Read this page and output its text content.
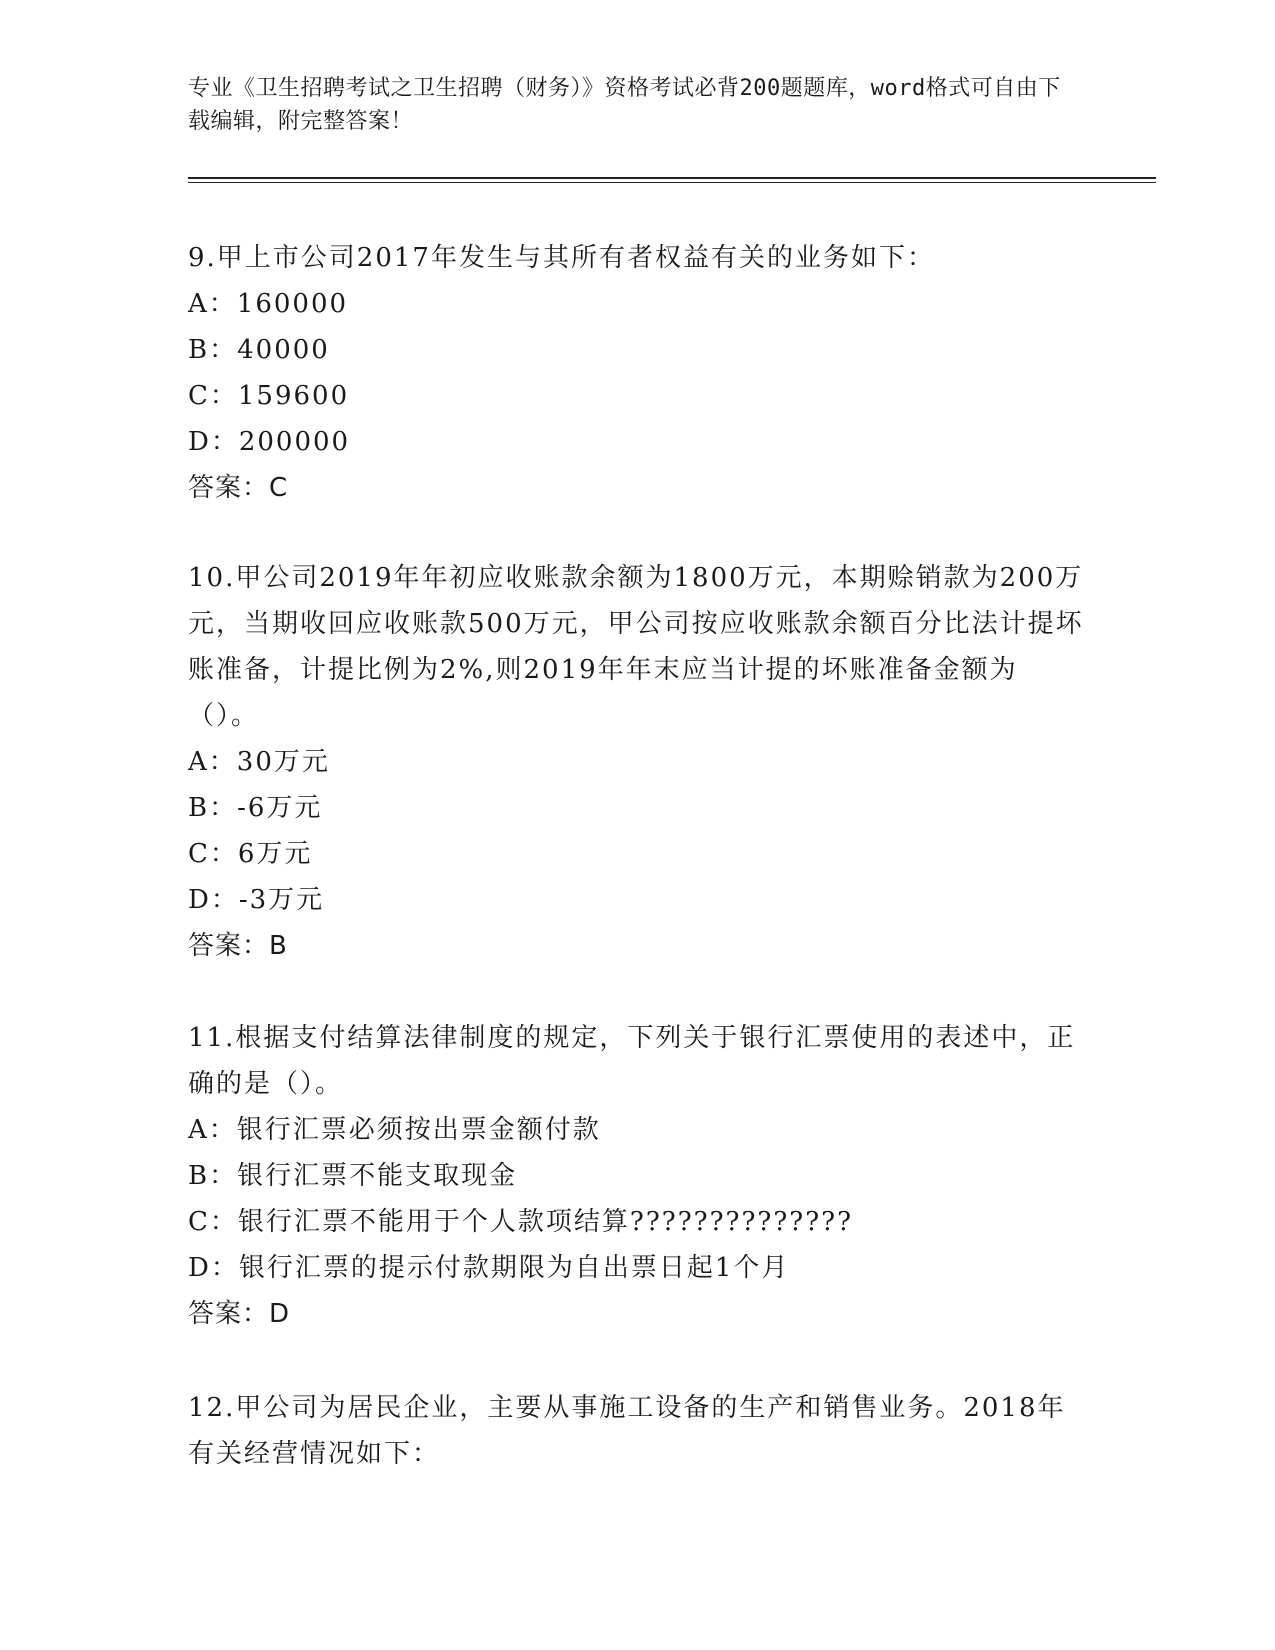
专业《卫生招聘考试之卫生招聘（财务）》资格考试必背200题题库，word格式可自由下载编辑，附完整答案！
9.甲上市公司2017年发生与其所有者权益有关的业务如下：
A：160000
B：40000
C：159600
D：200000
答案：C
10.甲公司2019年年初应收账款余额为1800万元，本期赊销款为200万元，当期收回应收账款500万元，甲公司按应收账款余额百分比法计提坏账准备，计提比例为2%,则2019年年末应当计提的坏账准备金额为（）。
A：30万元
B：-6万元
C：6万元
D：-3万元
答案：B
11.根据支付结算法律制度的规定，下列关于银行汇票使用的表述中，正确的是（）。
A：银行汇票必须按出票金额付款
B：银行汇票不能支取现金
C：银行汇票不能用于个人款项结算??????????????
D：银行汇票的提示付款期限为自出票日起1个月
答案：D
12.甲公司为居民企业，主要从事施工设备的生产和销售业务。2018年有关经营情况如下：
